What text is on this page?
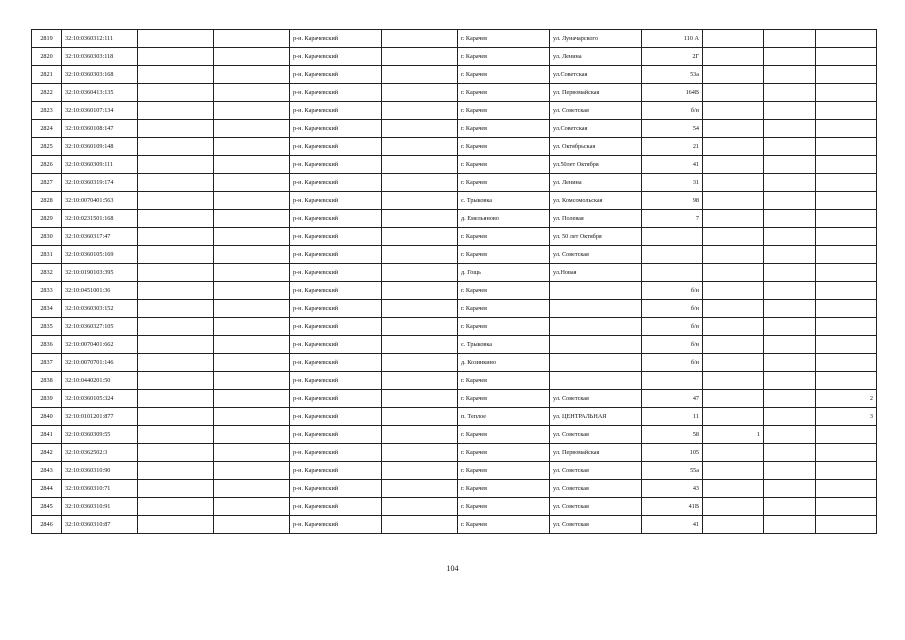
2819	32:10:0360312:111			р-н. Карачевский		г. Карачев	ул. Луначарского	110 А			
2820	32:10:0360303:118			р-н. Карачевский		г. Карачев	ул. Ленина	2Г			
2821	32:10:0360303:168			р-н. Карачевский		г. Карачев	ул.Советская	53а			
2822	32:10:0360413:135			р-н. Карачевский		г. Карачев	ул. Первомайская	164В			
2823	32:10:0360107:134			р-н. Карачевский		г. Карачев	ул. Советская	б/н			
2824	32:10:0360108:147			р-н. Карачевский		г. Карачев	ул.Советская	54			
2825	32:10:0360109:148			р-н. Карачевский		г. Карачев	ул. Октябрьская	21			
2826	32:10:0360309:111			р-н. Карачевский		г. Карачев	ул.50лет Октября	41			
2827	32:10:0360319:174			р-н. Карачевский		г. Карачев	ул. Ленина	31			
2828	32:10:0070401:563			р-н. Карачевский		с. Трыковка	ул. Комсомольская	98			
2829	32:10:0231501:168			р-н. Карачевский		д. Емельяново	ул. Полевая	7			
2830	32:10:0360317:47			р-н. Карачевский		г. Карачев	ул. 50 лет Октября				
2831	32:10:0360105:169			р-н. Карачевский		г. Карачев	ул. Советская				
2832	32:10:0190103:395			р-н. Карачевский		д. Гощь	ул.Новая				
2833	32:10:0451001:36			р-н. Карачевский		г. Карачев		б/н			
2834	32:10:0360303:152			р-н. Карачевский		г. Карачев		б/н			
2835	32:10:0360327:105			р-н. Карачевский		г. Карачев		б/н			
2836	32:10:0070401:662			р-н. Карачевский		с. Трыковка		б/н			
2837	32:10:0070701:146			р-н. Карачевский		д. Козинкино		б/н			
2838	32:10:0440201:50			р-н. Карачевский		г. Карачев					
2839	32:10:0360105:324			р-н. Карачевский		г. Карачев	ул. Советская	47			2
2840	32:10:0101201:877			р-н. Карачевский		п. Теплое	ул. ЦЕНТРАЛЬНАЯ	11			3
2841	32:10:0360309:55			р-н. Карачевский		г. Карачев	ул. Советская	58	1		
2842	32:10:0362502:3			р-н. Карачевский		г. Карачев	ул. Первомайская	105			
2843	32:10:0360310:90			р-н. Карачевский		г. Карачев	ул. Советская	55а			
2844	32:10:0360310:71			р-н. Карачевский		г. Карачев	ул. Советская	43			
2845	32:10:0360310:91			р-н. Карачевский		г. Карачев	ул. Советская	41В			
2846	32:10:0360310:87			р-н. Карачевский		г. Карачев	ул. Советская	41			
104
